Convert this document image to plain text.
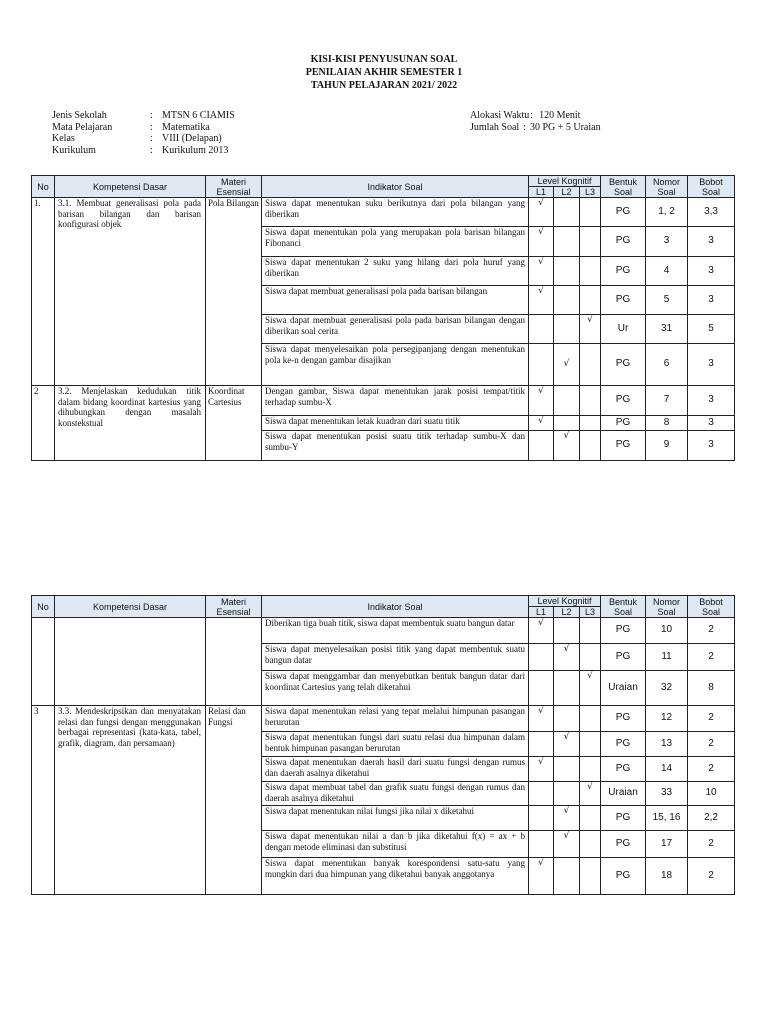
KISI-KISI PENYUSUNAN SOAL
PENILAIAN AKHIR SEMESTER 1
TAHUN PELAJARAN 2021/ 2022
Jenis Sekolah	: MTSN 6 CIAMIS
Mata Pelajaran	: Matematika
Kelas	: VIII (Delapan)
Kurikulum	: Kurikulum 2013
Alokasi Waktu : 120 Menit
Jumlah Soal : 30 PG + 5 Uraian
No	Kompetensi Dasar	Materi Esensial	Indikator Soal	Level Kognitif			Bentuk Soal	Nomor Soal	Bobot Soal
				L1	L2	L3			
1.	3.1. Membuat generalisasi pola pada barisan bilangan dan barisan konfigurasi objek	Pola Bilangan	Siswa dapat menentukan suku berikutnya dari pola bilangan yang diberikan	√			PG	1, 2	3,3
			Siswa dapat menentukan pola yang merupakan pola barisan bilangan Fibonanci	√			PG	3	3
			Siswa dapat menentukan 2 suku yang hilang dari pola huruf yang diberikan	√			PG	4	3
			Siswa dapat membuat generalisasi pola pada barisan bilangan	√			PG	5	3
			Siswa dapat membuat generalisasi pola pada barisan bilangan dengan diberikan soal cerita			√	Ur	31	5
			Siswa dapat menyelesaikan pola persegipanjang dengan menentukan pola ke-n dengan gambar disajikan		√		PG	6	3
2	3.2. Menjelaskan kedudukan titik dalam bidang koordinat kartesius yang dihubungkan dengan masalah konstekstual	Koordinat Cartesius	Dengan gambar, Siswa dapat menentukan jarak posisi tempat/titik terhadap sumbu-X	√			PG	7	3
			Siswa dapat menentukan letak kuadran dari suatu titik	√			PG	8	3
			Siswa dapat menentukan posisi suatu titik terhadap sumbu-X dan sumbu-Y		√		PG	9	3
No	Kompetensi Dasar	Materi Esensial	Indikator Soal	Level Kognitif			Bentuk Soal	Nomor Soal	Bobot Soal
				L1	L2	L3			
			Diberikan tiga buah titik, siswa dapat membentuk suatu bangun datar	√			PG	10	2
			Siswa dapat menyelesaikan posisi titik yang dapat membentuk suatu bangun datar		√		PG	11	2
			Siswa dapat menggambar dan menyebutkan bentuk bangun datar dari koordinat Cartesius yang telah diketahui			√	Uraian	32	8
3	3.3. Mendeskripsikan dan menyatakan relasi dan fungsi dengan menggunakan berbagai representasi (kata-kata, tabel, grafik, diagram, dan persamaan)	Relasi dan Fungsi	Siswa dapat menentukan relasi yang tepat melalui himpunan pasangan berurutan	√			PG	12	2
			Siswa dapat menentukan fungsi dari suatu relasi dua himpunan dalam bentuk himpunan pasangan berurutan		√		PG	13	2
			Siswa dapat menentukan daerah hasil dari suatu fungsi dengan rumus dan daerah asalnya diketahui	√			PG	14	2
			Siswa dapat membuat tabel dan grafik suatu fungsi dengan rumus dan daerah asalnya diketahui			√	Uraian	33	10
			Siswa dapat menentukan nilai fungsi jika nilai x diketahui		√		PG	15, 16	2,2
			Siswa dapat menentukan nilai a dan b jika diketahui f(x) = ax + b dengan metode eliminasi dan substitusi		√		PG	17	2
			Siswa dapat menentukan banyak korespondensi satu-satu yang mungkin dari dua himpunan yang diketahui banyak anggotanya	√			PG	18	2
